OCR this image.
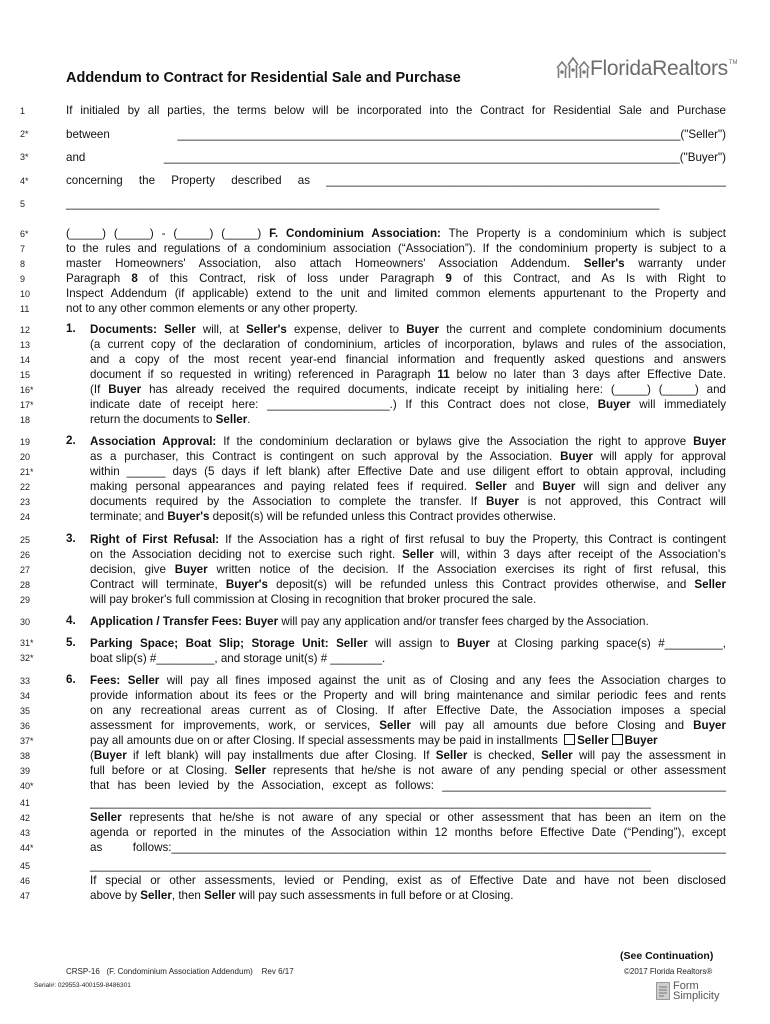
Addendum to Contract for Residential Sale and Purchase	FloridaRealtors TM
1	If initialed by all parties, the terms below will be incorporated into the Contract for Residential Sale and Purchase
2*	between ______________________________________________________________________________("Seller")
3*	and ________________________________________________________________________________("Buyer")
4*	concerning the Property described as ______________________________________________________________
5	____________________________________________________________________________________________
6*
7
8
9
10
11
(_____) (_____) - (_____) (_____) F. Condominium Association: The Property is a condominium which is subject
to the rules and regulations of a condominium association (“Association”). If the condominium property is subject to a
master Homeowners' Association, also attach Homeowners' Association Addendum. Seller's warranty under
Paragraph 8 of this Contract, risk of loss under Paragraph 9 of this Contract, and As Is with Right to
Inspect Addendum (if applicable) extend to the unit and limited common elements appurtenant to the Property and
not to any other common elements or any other property.
12
13
14
15
16*
17*
18
1. Documents: Seller will, at Seller's expense, deliver to Buyer the current and complete condominium documents
(a current copy of the declaration of condominium, articles of incorporation, bylaws and rules of the association,
and a copy of the most recent year-end financial information and frequently asked questions and answers
document if so requested in writing) referenced in Paragraph 11 below no later than 3 days after Effective Date.
(If Buyer has already received the required documents, indicate receipt by initialing here: (_____) (_____) and
indicate date of receipt here: ___________________.) If this Contract does not close, Buyer will immediately
return the documents to Seller.
19
20
21*
22
23
24
2. Association Approval: If the condominium declaration or bylaws give the Association the right to approve Buyer
as a purchaser, this Contract is contingent on such approval by the Association. Buyer will apply for approval
within ______ days (5 days if left blank) after Effective Date and use diligent effort to obtain approval, including
making personal appearances and paying related fees if required. Seller and Buyer will sign and deliver any
documents required by the Association to complete the transfer. If Buyer is not approved, this Contract will
terminate; and Buyer's deposit(s) will be refunded unless this Contract provides otherwise.
25
26
27
28
29
3. Right of First Refusal: If the Association has a right of first refusal to buy the Property, this Contract is contingent
on the Association deciding not to exercise such right. Seller will, within 3 days after receipt of the Association's
decision, give Buyer written notice of the decision. If the Association exercises its right of first refusal, this
Contract will terminate, Buyer's deposit(s) will be refunded unless this Contract provides otherwise, and Seller
will pay broker's full commission at Closing in recognition that broker procured the sale.
30	4. Application / Transfer Fees: Buyer will pay any application and/or transfer fees charged by the Association.
31*
32*
5. Parking Space; Boat Slip; Storage Unit: Seller will assign to Buyer at Closing parking space(s) #_________,
boat slip(s) #_________, and storage unit(s) # ________.
33
34
35
36
37*
38
39
40*
41
42
43
44*
45
46
47
6. Fees: Seller will pay all fines imposed against the unit as of Closing and any fees the Association charges to
provide information about its fees or the Property and will bring maintenance and similar periodic fees and rents
on any recreational areas current as of Closing. If after Effective Date, the Association imposes a special
assessment for improvements, work, or services, Seller will pay all amounts due before Closing and Buyer
pay all amounts due on or after Closing. If special assessments may be paid in installments Seller Buyer
(Buyer if left blank) will pay installments due after Closing. If Seller is checked, Seller will pay the assessment in
full before or at Closing. Seller represents that he/she is not aware of any pending special or other assessment
that has been levied by the Association, except as follows: ____________________________________________
_______________________________________________________________________________________
Seller represents that he/she is not aware of any special or other assessment that has been an item on the
agenda or reported in the minutes of the Association within 12 months before Effective Date (“Pending”), except
as follows:______________________________________________________________________________________
_______________________________________________________________________________________
If special or other assessments, levied or Pending, exist as of Effective Date and have not been disclosed
above by Seller, then Seller will pay such assessments in full before or at Closing.
(See Continuation)
CRSP-16 (F. Condominium Association Addendum) Rev 6/17	©2017 Florida Realtors®
Serial#: 029553-400159-8486301	Form
Simplicity
